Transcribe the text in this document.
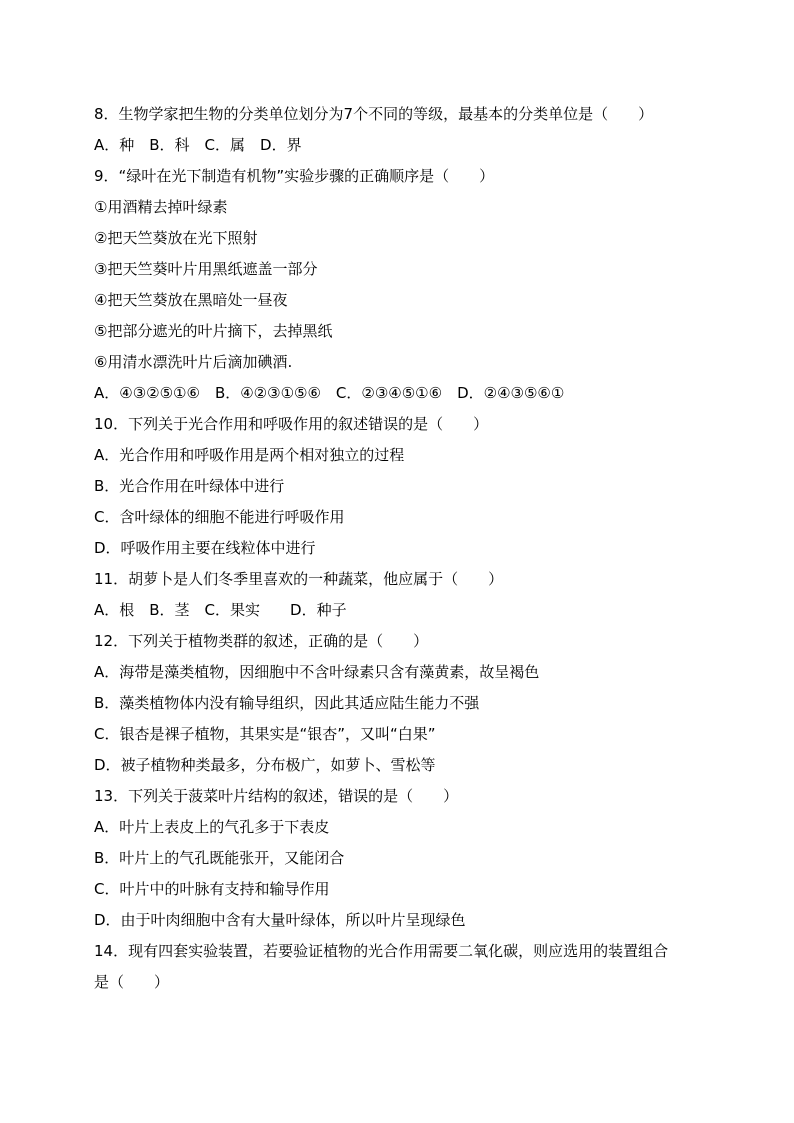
8．生物学家把生物的分类单位划分为7个不同的等级，最基本的分类单位是（　　）
A．种　B．科　C．属　D．界
9．“绿叶在光下制造有机物”实验步骤的正确顺序是（　　）
①用酒精去掉叶绿素
②把天竺葵放在光下照射
③把天竺葵叶片用黑纸遮盖一部分
④把天竺葵放在黑暗处一昼夜
⑤把部分遮光的叶片摘下，去掉黑纸
⑥用清水漂洗叶片后滴加碘酒.
A．④③②⑤①⑥　B．④②③①⑤⑥　C．②③④⑤①⑥　D．②④③⑤⑥①
10．下列关于光合作用和呼吸作用的叙述错误的是（　　）
A．光合作用和呼吸作用是两个相对独立的过程
B．光合作用在叶绿体中进行
C．含叶绿体的细胞不能进行呼吸作用
D．呼吸作用主要在线粒体中进行
11．胡萝卜是人们冬季里喜欢的一种蔬菜，他应属于（　　）
A．根　B．茎　C．果实　　D．种子
12．下列关于植物类群的叙述，正确的是（　　）
A．海带是藻类植物，因细胞中不含叶绿素只含有藻黄素，故呈褐色
B．藻类植物体内没有输导组织，因此其适应陆生能力不强
C．银杏是裸子植物，其果实是“银杏”，又叫“白果”
D．被子植物种类最多，分布极广，如萝卜、雪松等
13．下列关于菠菜叶片结构的叙述，错误的是（　　）
A．叶片上表皮上的气孔多于下表皮
B．叶片上的气孔既能张开，又能闭合
C．叶片中的叶脉有支持和输导作用
D．由于叶肉细胞中含有大量叶绿体，所以叶片呈现绿色
14．现有四套实验装置，若要验证植物的光合作用需要二氧化碳，则应选用的装置组合
是（　　）
